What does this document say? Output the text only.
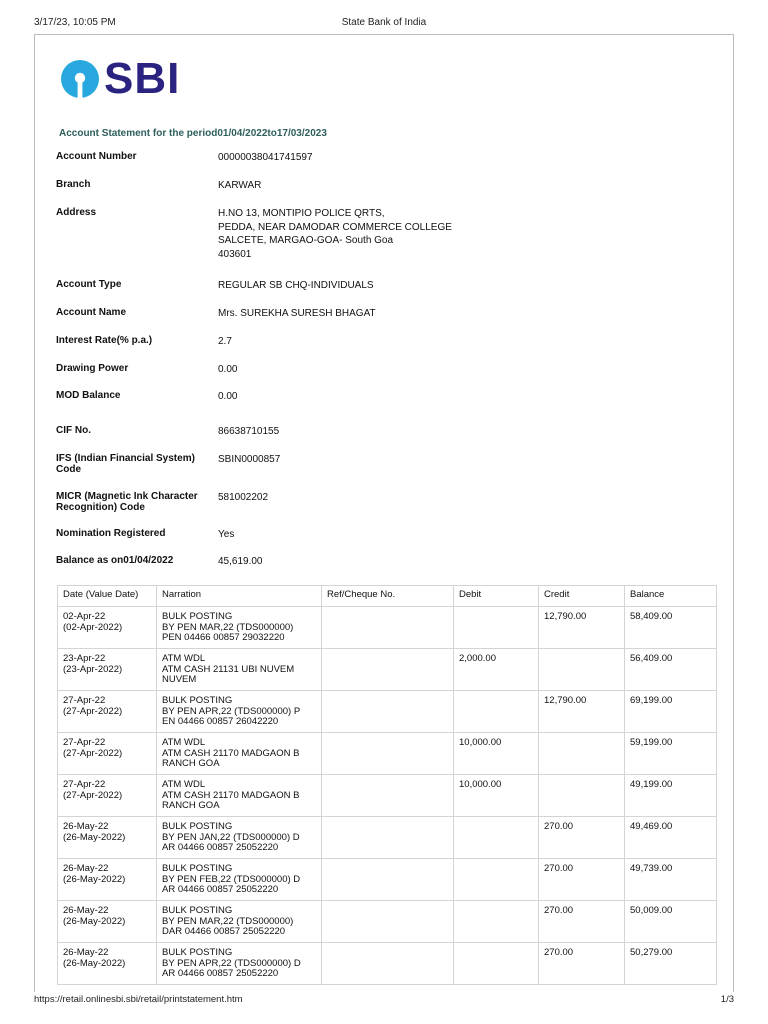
3/17/23, 10:05 PM	State Bank of India
SBI
Account Statement for the period01/04/2022to17/03/2023
Account Number	00000038041741597
Branch	KARWAR
Address	H.NO 13, MONTIPIO POLICE QRTS,
PEDDA, NEAR DAMODAR COMMERCE COLLEGE
SALCETE, MARGAO-GOA- South Goa
403601
Account Type	REGULAR SB CHQ-INDIVIDUALS
Account Name	Mrs. SUREKHA SURESH BHAGAT
Interest Rate(% p.a.)	2.7
Drawing Power	0.00
MOD Balance	0.00
CIF No.	86638710155
IFS (Indian Financial System) Code
SBIN0000857
MICR (Magnetic Ink Character Recognition) Code
581002202
Nomination Registered	Yes
Balance as on01/04/2022	45,619.00
Date (Value Date)	Narration	Ref/Cheque No.	Debit	Credit	Balance

02-Apr-22
(02-Apr-2022)	BULK POSTING
BY PEN MAR,22 (TDS000000)
PEN 04466 00857 29032220			12,790.00	58,409.00

23-Apr-22
(23-Apr-2022)	ATM WDL
ATM CASH 21131 UBI NUVEM
NUVEM		2,000.00		56,409.00

27-Apr-22
(27-Apr-2022)	BULK POSTING
BY PEN APR,22 (TDS000000) P
EN 04466 00857 26042220			12,790.00	69,199.00

27-Apr-22
(27-Apr-2022)	ATM WDL
ATM CASH 21170 MADGAON B
RANCH GOA		10,000.00		59,199.00

27-Apr-22
(27-Apr-2022)	ATM WDL
ATM CASH 21170 MADGAON B
RANCH GOA		10,000.00		49,199.00

26-May-22
(26-May-2022)	BULK POSTING
BY PEN JAN,22 (TDS000000) D
AR 04466 00857 25052220			270.00	49,469.00

26-May-22
(26-May-2022)	BULK POSTING
BY PEN FEB,22 (TDS000000) D
AR 04466 00857 25052220			270.00	49,739.00

26-May-22
(26-May-2022)	BULK POSTING
BY PEN MAR,22 (TDS000000)
DAR 04466 00857 25052220			270.00	50,009.00

26-May-22
(26-May-2022)	BULK POSTING
BY PEN APR,22 (TDS000000) D
AR 04466 00857 25052220			270.00	50,279.00
https://retail.onlinesbi.sbi/retail/printstatement.htm	1/3
